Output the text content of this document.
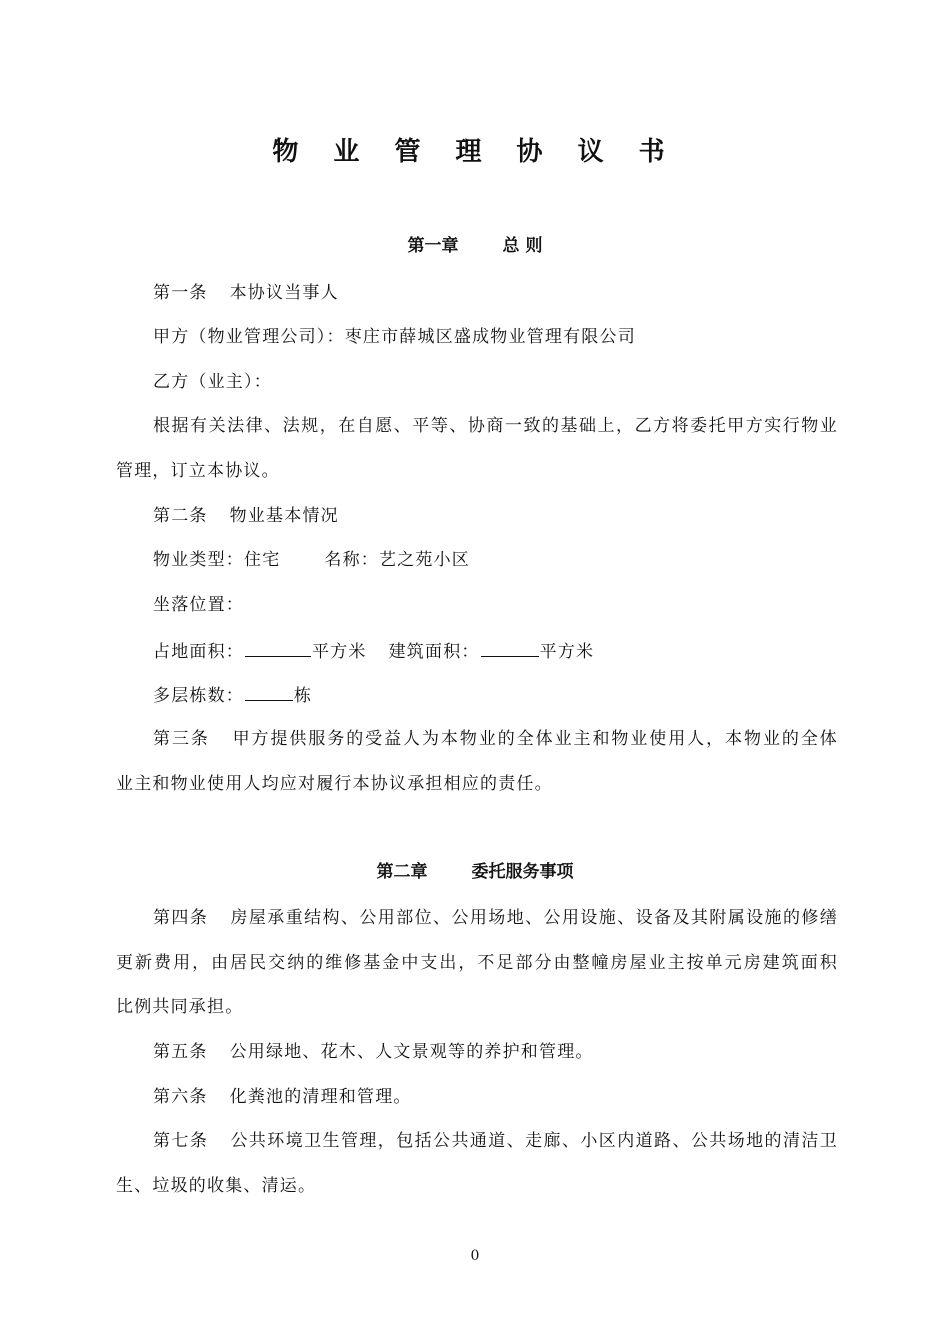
物 业 管 理 协 议 书
第一章	总 则
第一条 本协议当事人
甲方（物业管理公司）：枣庄市薛城区盛成物业管理有限公司
乙方（业主）：
根据有关法律、法规，在自愿、平等、协商一致的基础上，乙方将委托甲方实行物业
管理，订立本协议。
第二条 物业基本情况
物业类型：住宅	名称：艺之苑小区
坐落位置：
占地面积：	平方米 建筑面积：	平方米
多层栋数：	栋
第三条 甲方提供服务的受益人为本物业的全体业主和物业使用人，本物业的全体
业主和物业使用人均应对履行本协议承担相应的责任。
第二章	委托服务事项
第四条 房屋承重结构、公用部位、公用场地、公用设施、设备及其附属设施的修缮
更新费用，由居民交纳的维修基金中支出，不足部分由整幢房屋业主按单元房建筑面积
比例共同承担。
第五条 公用绿地、花木、人文景观等的养护和管理。
第六条 化粪池的清理和管理。
第七条 公共环境卫生管理，包括公共通道、走廊、小区内道路、公共场地的清洁卫
生、垃圾的收集、清运。
0
